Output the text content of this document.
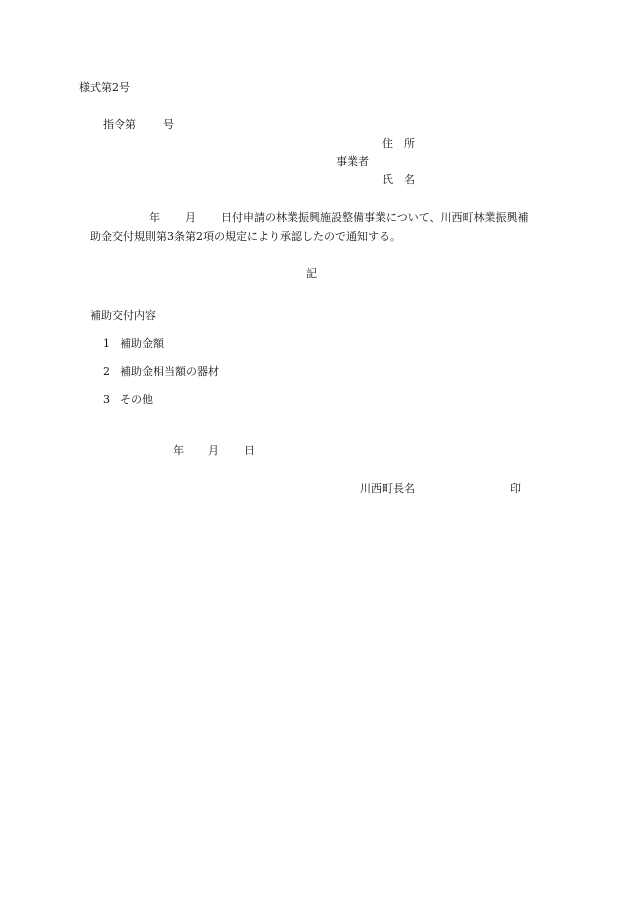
様式第2号
指令第 号
住　所
事業者
氏　名
年 月 日付申請の林業振興施設整備事業について、川西町林業振興補
助金交付規則第3条第2項の規定により承認したので通知する。
記
補助交付内容
1 補助金額
2 補助金相当額の器材
3 その他
年 月 日
川西町長名	印
